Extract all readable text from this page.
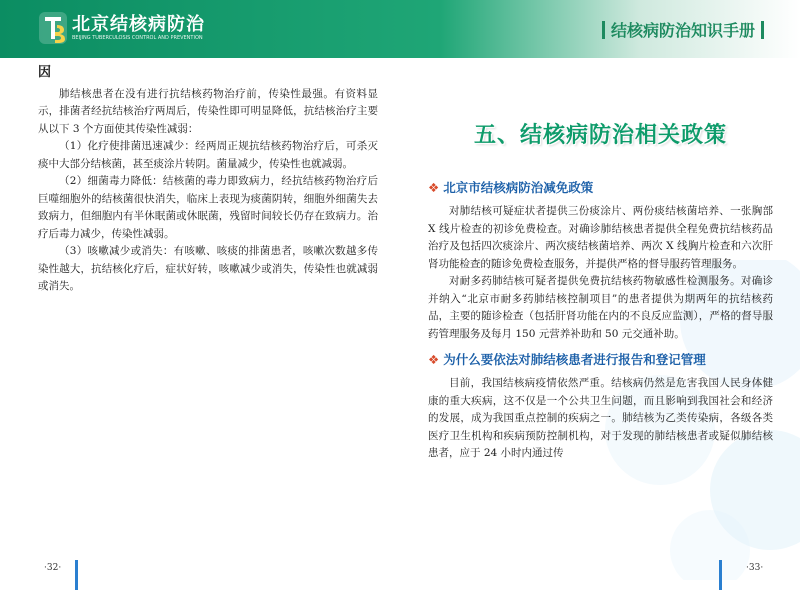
北京结核病防治
BEIJING TUBERCULOSIS CONTROL AND PREVENTION	结核病防治知识手册
因

肺结核患者在没有进行抗结核药物治疗前，传染性最强。有资料显示，排菌者经抗结核治疗两周后，传染性即可明显降低，抗结核治疗主要从以下 3 个方面使其传染性减弱：

（1）化疗使排菌迅速减少：经两周正规抗结核药物治疗后，可杀灭痰中大部分结核菌，甚至痰涂片转阴。菌量减少，传染性也就减弱。

（2）细菌毒力降低：结核菌的毒力即致病力，经抗结核药物治疗后巨噬细胞外的结核菌很快消失，临床上表现为痰菌阴转，细胞外细菌失去致病力，但细胞内有半休眠菌或休眠菌，残留时间较长仍存在致病力。治疗后毒力减少，传染性减弱。

（3）咳嗽减少或消失：有咳嗽、咳痰的排菌患者，咳嗽次数越多传染性越大，抗结核化疗后，症状好转，咳嗽减少或消失，传染性也就减弱或消失。

五、结核病防治相关政策
❖ 北京市结核病防治减免政策

对肺结核可疑症状者提供三份痰涂片、两份痰结核菌培养、一张胸部 X 线片检查的初诊免费检查。对确诊肺结核患者提供全程免费抗结核药品治疗及包括四次痰涂片、两次痰结核菌培养、两次 X 线胸片检查和六次肝肾功能检查的随诊免费检查服务，并提供严格的督导服药管理服务。

对耐多药肺结核可疑者提供免费抗结核药物敏感性检测服务。对确诊并纳入“北京市耐多药肺结核控制项目”的患者提供为期两年的抗结核药品，主要的随诊检查（包括肝肾功能在内的不良反应监测），严格的督导服药管理服务及每月 150 元营养补助和 50 元交通补助。

❖ 为什么要依法对肺结核患者进行报告和登记管理

目前，我国结核病疫情依然严重。结核病仍然是危害我国人民身体健康的重大疾病，这不仅是一个公共卫生问题，而且影响到我国社会和经济的发展，成为我国重点控制的疾病之一。肺结核为乙类传染病，各级各类医疗卫生机构和疾病预防控制机构，对于发现的肺结核患者或疑似肺结核患者，应于 24 小时内通过传

·32·	·33·
